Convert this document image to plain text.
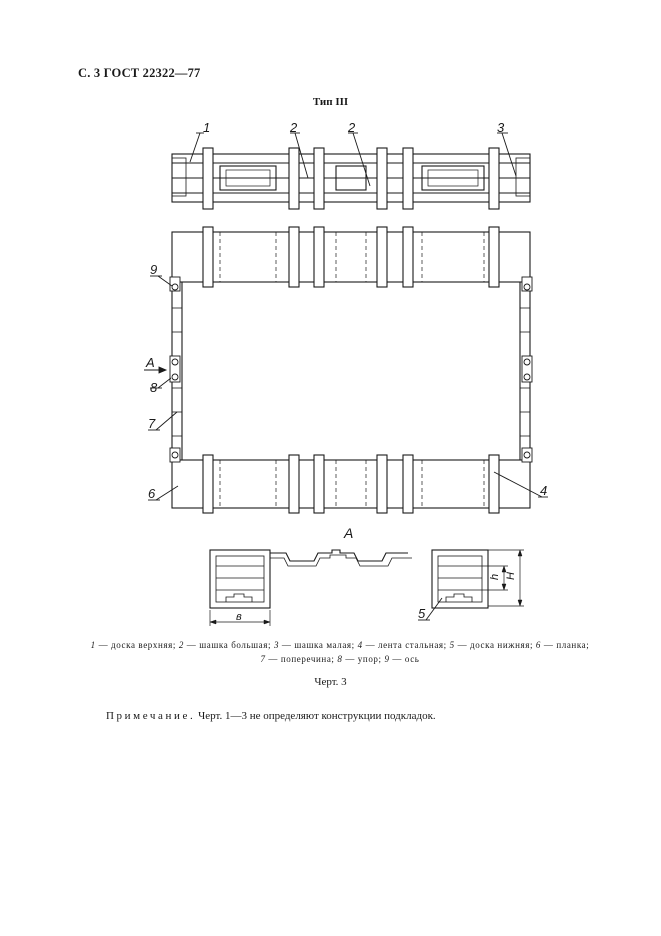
С. 3 ГОСТ 22322—77
Тип III
1	2	2	3
9
А
8
7
6	4
5
А
в
Н
h
1 — доска верхняя; 2 — шашка большая; 3 — шашка малая; 4 — лента стальная; 5 — доска нижняя; 6 — планка;
7 — поперечина; 8 — упор; 9 — ось
Черт. 3
Примечание. Черт. 1—3 не определяют конструкции подкладок.
